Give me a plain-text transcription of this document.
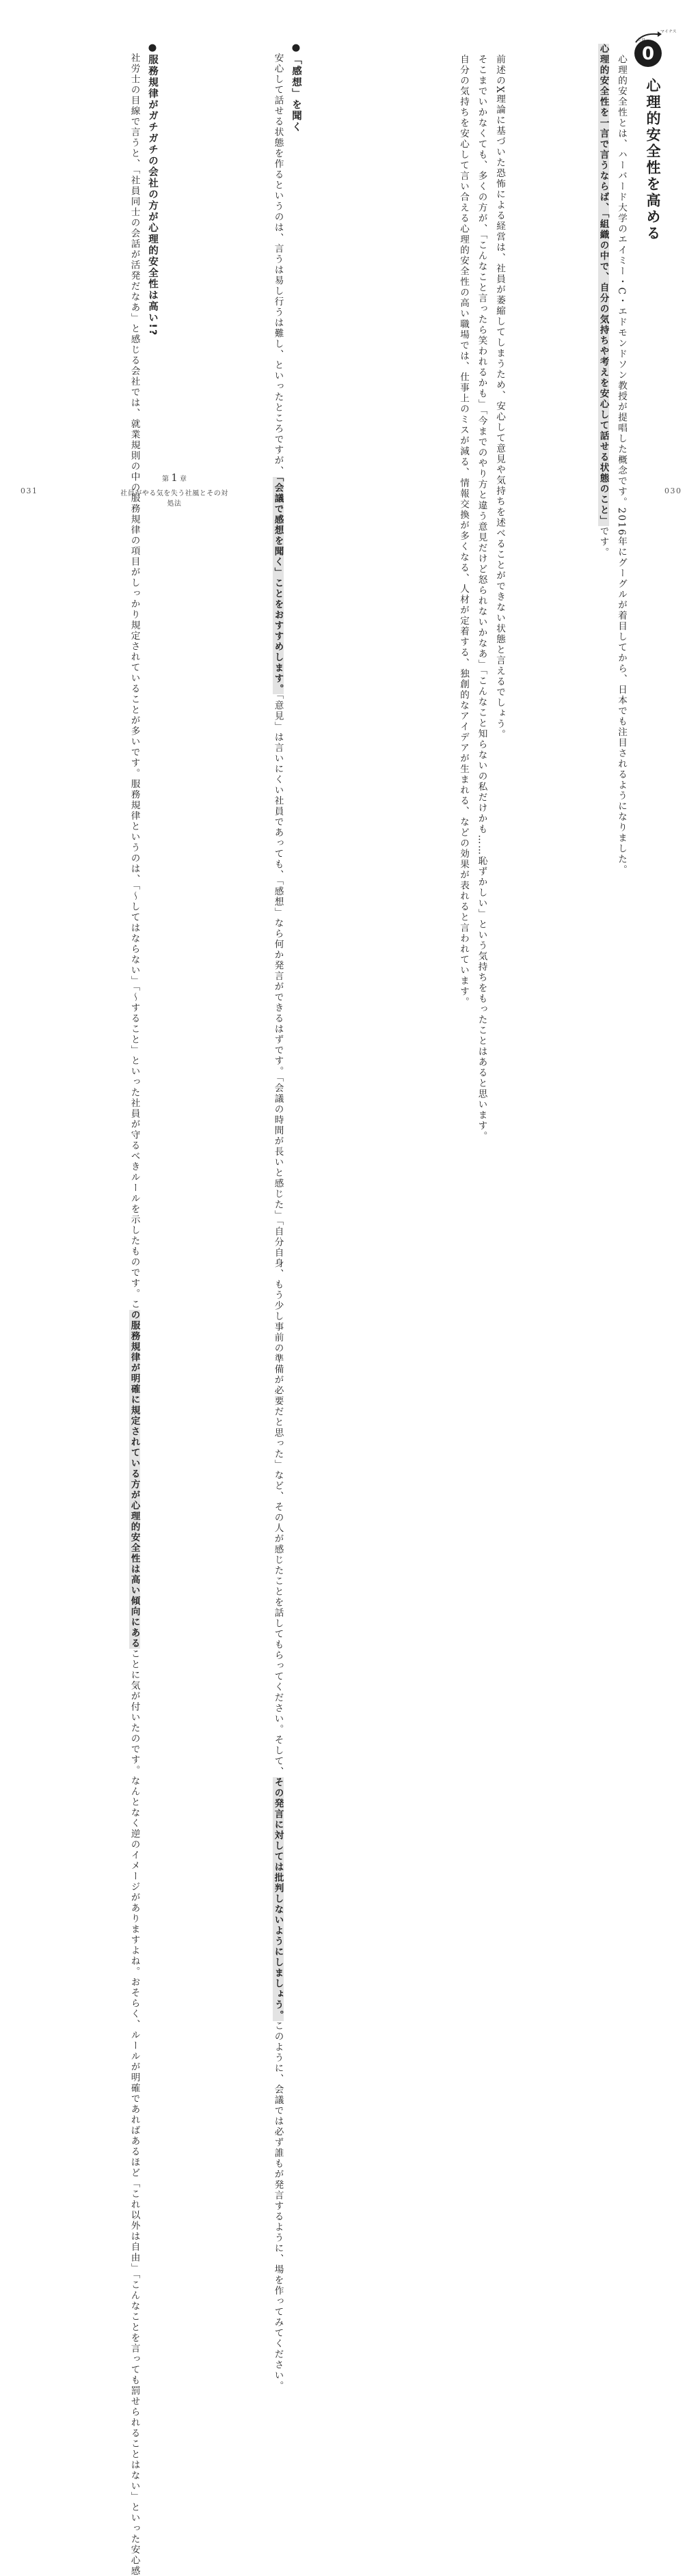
0
マイナス
ゼロ
心理的安全性を高める
　心理的安全性とは、ハーバード大学のエイミー・C・エドモンドソン教授が提唱した概念です。2016年にグーグルが着目してから、日本でも注目されるようになりました。
心理的安全性を一言で言うならば、「組織の中で、自分の気持ちや考えを安心して話せる状態のこと」です。
　前述のX理論に基づいた恐怖による経営は、社員が萎縮してしまうため、安心して意見や気持ちを述べることができない状態と言えるでしょう。
　そこまでいかなくても、多くの方が、「こんなこと言ったら笑われるかも」「今までのやり方と違う意見だけど怒られないかなあ」「こんなこと知らないの私だけかも……恥ずかしい」という気持ちをもったことはあると思います。
　自分の気持ちを安心して言い合える心理的安全性の高い職場では、仕事上のミスが減る、情報交換が多くなる、人材が定着する、独創的なアイデアが生まれる、などの効果が表れると言われています。	030
●「感想」を聞く
　安心して話せる状態を作るというのは、言うは易し行うは難し、といったところですが、「会議で感想を聞く」ことをおすすめします。「意見」は言いにくい社員であっても、「感想」なら何か発言ができるはずです。「会議の時間が長いと感じた」「自分自身、もう少し事前の準備が必要だと思った」など、その人が感じたことを話してもらってください。そして、その発言に対しては批判しないようにしましょう。このように、会議では必ず誰もが発言するように、場を作ってみてください。
●服務規律がガチガチの会社の方が心理的安全性は高い!?
　社労士の目線で言うと、「社員同士の会話が活発だなあ」と感じる会社では、就業規則の中の服務規律の項目がしっかり規定されていることが多いです。服務規律というのは、「〜してはならない」「〜すること」といった社員が守るべきルールを示したものです。この服務規律が明確に規定されている方が心理的安全性は高い傾向にあることに気が付いたのです。なんとなく逆のイメージがありますよね。おそらく、ルールが明確であればあるほど「これ以外は自由」「こんなことを言っても罰せられることはない」といった安心感
第 1 章
社員がやる気を失う社風とその対処法
031
